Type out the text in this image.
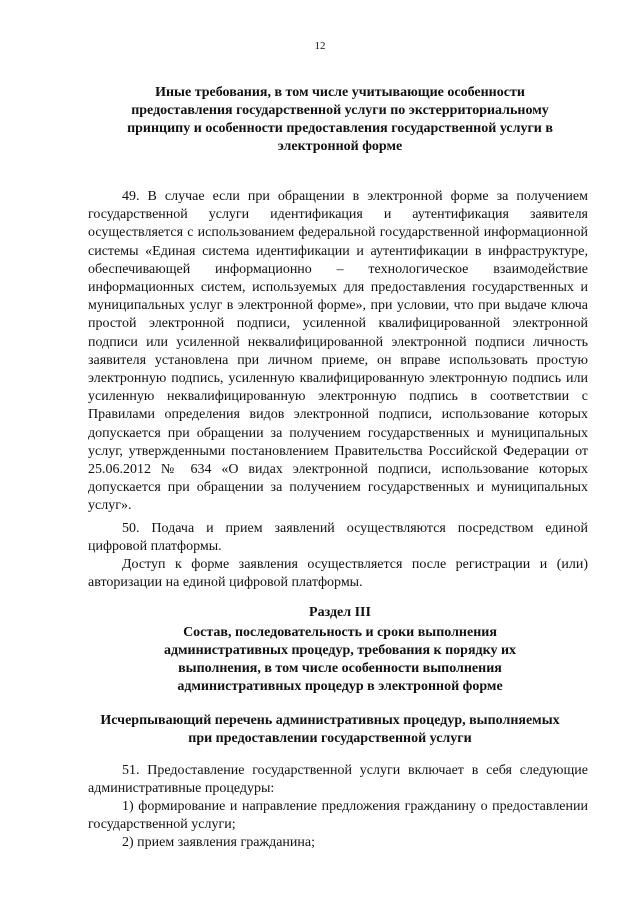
12
Иные требования, в том числе учитывающие особенности предоставления государственной услуги по экстерриториальному принципу и особенности предоставления государственной услуги в электронной форме

49. В случае если при обращении в электронной форме за получением государственной услуги идентификация и аутентификация заявителя осуществляется с использованием федеральной государственной информационной системы «Единая система идентификации и аутентификации в инфраструктуре, обеспечивающей информационно – технологическое взаимодействие информационных систем, используемых для предоставления государственных и муниципальных услуг в электронной форме», при условии, что при выдаче ключа простой электронной подписи, усиленной квалифицированной электронной подписи или усиленной неквалифицированной электронной подписи личность заявителя установлена при личном приеме, он вправе использовать простую электронную подпись, усиленную квалифицированную электронную подпись или усиленную неквалифицированную электронную подпись в соответствии с Правилами определения видов электронной подписи, использование которых допускается при обращении за получением государственных и муниципальных услуг, утвержденными постановлением Правительства Российской Федерации от 25.06.2012 № 634 «О видах электронной подписи, использование которых допускается при обращении за получением государственных и муниципальных услуг».

50. Подача и прием заявлений осуществляются посредством единой цифровой платформы.

Доступ к форме заявления осуществляется после регистрации и (или) авторизации на единой цифровой платформы.

Раздел III
Состав, последовательность и сроки выполнения административных процедур, требования к порядку их выполнения, в том числе особенности выполнения административных процедур в электронной форме
Исчерпывающий перечень административных процедур, выполняемых при предоставлении государственной услуги

51. Предоставление государственной услуги включает в себя следующие административные процедуры:

1) формирование и направление предложения гражданину о предоставлении государственной услуги;

2) прием заявления гражданина;
